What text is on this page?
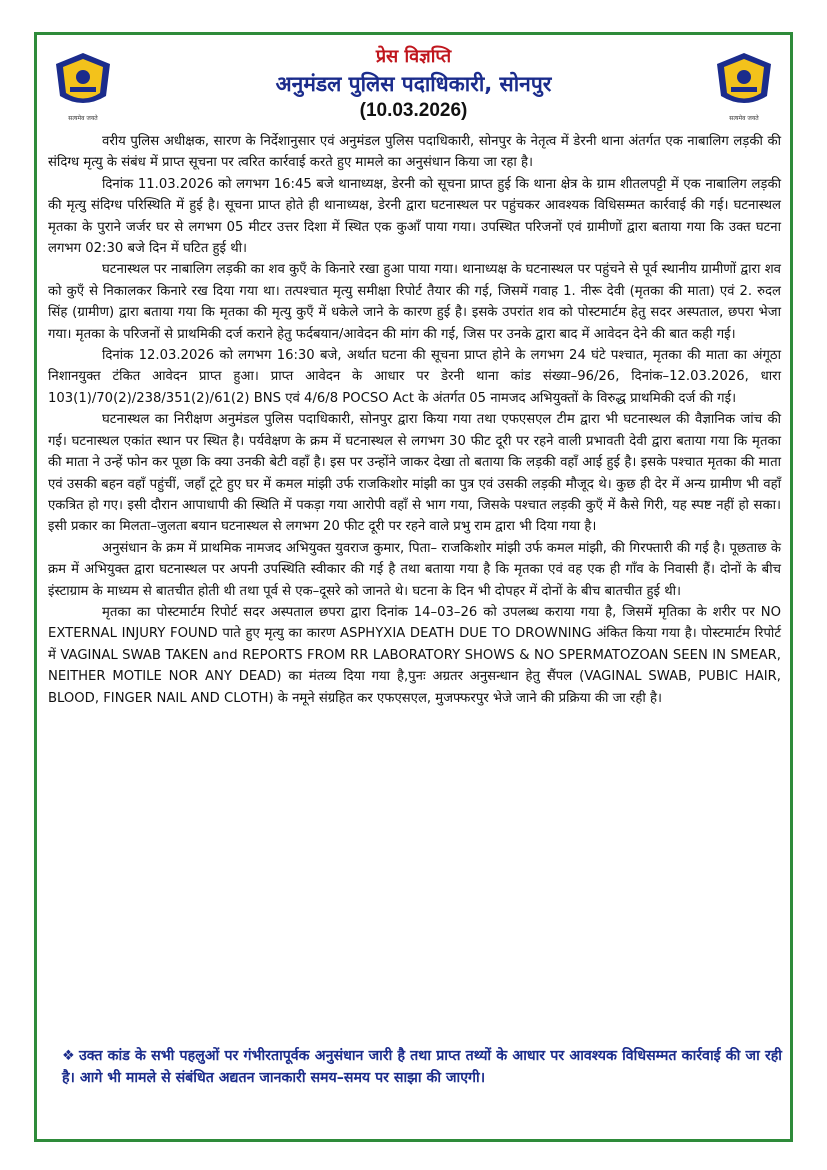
सत्यमेव जयते
प्रेस विज्ञप्ति
अनुमंडल पुलिस पदाधिकारी, सोनपुर
(10.03.2026)	सत्यमेव जयते

वरीय पुलिस अधीक्षक, सारण के निर्देशानुसार एवं अनुमंडल पुलिस पदाधिकारी, सोनपुर के नेतृत्व में डेरनी थाना अंतर्गत एक नाबालिग लड़की की संदिग्ध मृत्यु के संबंध में प्राप्त सूचना पर त्वरित कार्रवाई करते हुए मामले का अनुसंधान किया जा रहा है।

दिनांक 11.03.2026 को लगभग 16:45 बजे थानाध्यक्ष, डेरनी को सूचना प्राप्त हुई कि थाना क्षेत्र के ग्राम शीतलपट्टी में एक नाबालिग लड़की की मृत्यु संदिग्ध परिस्थिति में हुई है। सूचना प्राप्त होते ही थानाध्यक्ष, डेरनी द्वारा घटनास्थल पर पहुंचकर आवश्यक विधिसम्मत कार्रवाई की गई। घटनास्थल मृतका के पुराने जर्जर घर से लगभग 05 मीटर उत्तर दिशा में स्थित एक कुआँ पाया गया। उपस्थित परिजनों एवं ग्रामीणों द्वारा बताया गया कि उक्त घटना लगभग 02:30 बजे दिन में घटित हुई थी।

घटनास्थल पर नाबालिग लड़की का शव कुएँ के किनारे रखा हुआ पाया गया। थानाध्यक्ष के घटनास्थल पर पहुंचने से पूर्व स्थानीय ग्रामीणों द्वारा शव को कुएँ से निकालकर किनारे रख दिया गया था। तत्पश्चात मृत्यु समीक्षा रिपोर्ट तैयार की गई, जिसमें गवाह 1. नीरू देवी (मृतका की माता) एवं 2. रुदल सिंह (ग्रामीण) द्वारा बताया गया कि मृतका की मृत्यु कुएँ में धकेले जाने के कारण हुई है। इसके उपरांत शव को पोस्टमार्टम हेतु सदर अस्पताल, छपरा भेजा गया। मृतका के परिजनों से प्राथमिकी दर्ज कराने हेतु फर्दबयान/आवेदन की मांग की गई, जिस पर उनके द्वारा बाद में आवेदन देने की बात कही गई।

दिनांक 12.03.2026 को लगभग 16:30 बजे, अर्थात घटना की सूचना प्राप्त होने के लगभग 24 घंटे पश्चात, मृतका की माता का अंगूठा निशानयुक्त टंकित आवेदन प्राप्त हुआ। प्राप्त आवेदन के आधार पर डेरनी थाना कांड संख्या–96/26, दिनांक–12.03.2026, धारा 103(1)/70(2)/238/351(2)/61(2) BNS एवं 4/6/8 POCSO Act के अंतर्गत 05 नामजद अभियुक्तों के विरुद्ध प्राथमिकी दर्ज की गई।

घटनास्थल का निरीक्षण अनुमंडल पुलिस पदाधिकारी, सोनपुर द्वारा किया गया तथा एफएसएल टीम द्वारा भी घटनास्थल की वैज्ञानिक जांच की गई। घटनास्थल एकांत स्थान पर स्थित है। पर्यवेक्षण के क्रम में घटनास्थल से लगभग 30 फीट दूरी पर रहने वाली प्रभावती देवी द्वारा बताया गया कि मृतका की माता ने उन्हें फोन कर पूछा कि क्या उनकी बेटी वहाँ है। इस पर उन्होंने जाकर देखा तो बताया कि लड़की वहाँ आई हुई है। इसके पश्चात मृतका की माता एवं उसकी बहन वहाँ पहुंचीं, जहाँ टूटे हुए घर में कमल मांझी उर्फ राजकिशोर मांझी का पुत्र एवं उसकी लड़की मौजूद थे। कुछ ही देर में अन्य ग्रामीण भी वहाँ एकत्रित हो गए। इसी दौरान आपाधापी की स्थिति में पकड़ा गया आरोपी वहाँ से भाग गया, जिसके पश्चात लड़की कुएँ में कैसे गिरी, यह स्पष्ट नहीं हो सका। इसी प्रकार का मिलता–जुलता बयान घटनास्थल से लगभग 20 फीट दूरी पर रहने वाले प्रभु राम द्वारा भी दिया गया है।

अनुसंधान के क्रम में प्राथमिक नामजद अभियुक्त युवराज कुमार, पिता– राजकिशोर मांझी उर्फ कमल मांझी, की गिरफ्तारी की गई है। पूछताछ के क्रम में अभियुक्त द्वारा घटनास्थल पर अपनी उपस्थिति स्वीकार की गई है तथा बताया गया है कि मृतका एवं वह एक ही गाँव के निवासी हैं। दोनों के बीच इंस्टाग्राम के माध्यम से बातचीत होती थी तथा पूर्व से एक–दूसरे को जानते थे। घटना के दिन भी दोपहर में दोनों के बीच बातचीत हुई थी।

मृतका का पोस्टमार्टम रिपोर्ट सदर अस्पताल छपरा द्वारा दिनांक 14–03–26 को उपलब्ध कराया गया है, जिसमें मृतिका के शरीर पर NO EXTERNAL INJURY FOUND पाते हुए मृत्यु का कारण ASPHYXIA DEATH DUE TO DROWNING अंकित किया गया है। पोस्टमार्टम रिपोर्ट में VAGINAL SWAB TAKEN and REPORTS FROM RR LABORATORY SHOWS & NO SPERMATOZOAN SEEN IN SMEAR, NEITHER MOTILE NOR ANY DEAD) का मंतव्य दिया गया है,पुनः अग्रतर अनुसन्धान हेतु सैंपल (VAGINAL SWAB, PUBIC HAIR, BLOOD, FINGER NAIL AND CLOTH) के नमूने संग्रहित कर एफएसएल, मुजफ्फरपुर भेजे जाने की प्रक्रिया की जा रही है।

❖ उक्त कांड के सभी पहलुओं पर गंभीरतापूर्वक अनुसंधान जारी है तथा प्राप्त तथ्यों के आधार पर आवश्यक विधिसम्मत कार्रवाई की जा रही है। आगे भी मामले से संबंधित अद्यतन जानकारी समय–समय पर साझा की जाएगी।
